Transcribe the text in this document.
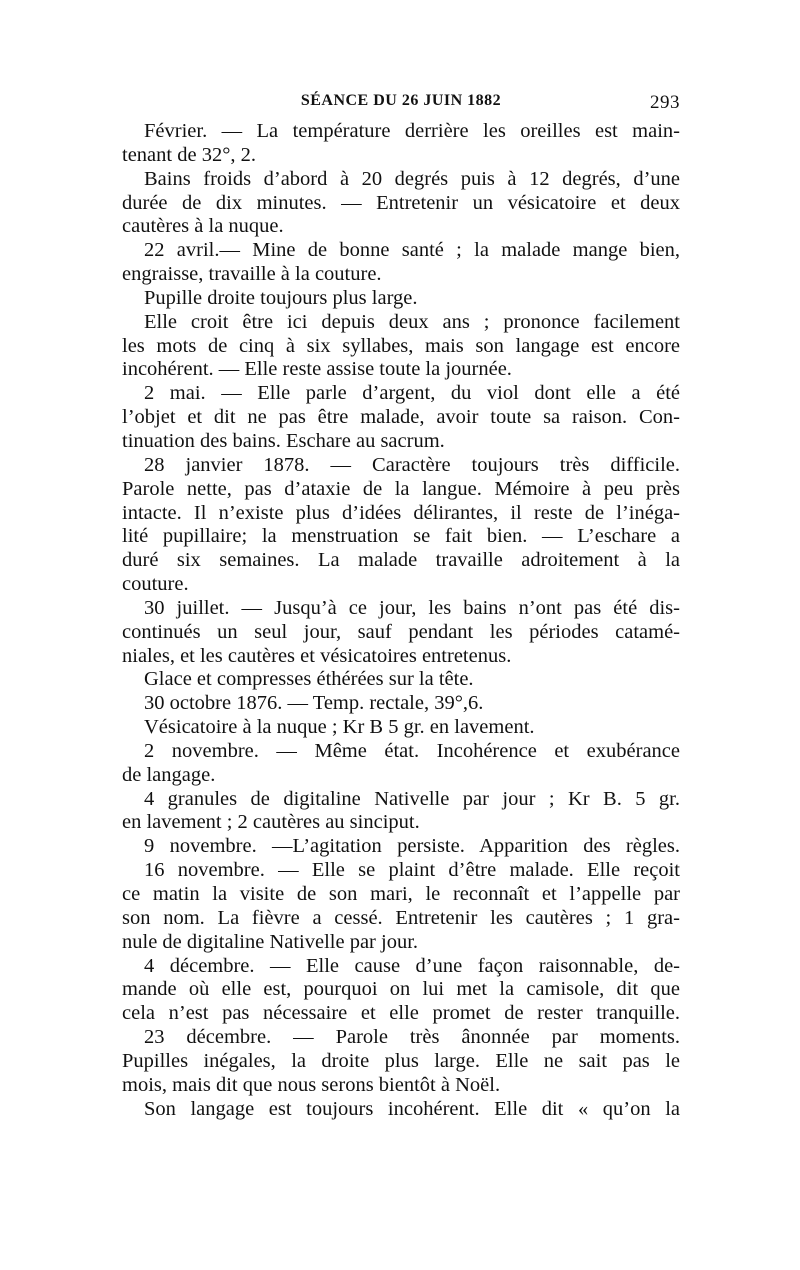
SÉANCE DU 26 JUIN 1882	293
Février. — La température derrière les oreilles est main-
tenant de 32°, 2.
Bains froids d’abord à 20 degrés puis à 12 degrés, d’une
durée de dix minutes. — Entretenir un vésicatoire et deux
cautères à la nuque.
22 avril.— Mine de bonne santé ; la malade mange bien,
engraisse, travaille à la couture.
Pupille droite toujours plus large.
Elle croit être ici depuis deux ans ; prononce facilement
les mots de cinq à six syllabes, mais son langage est encore
incohérent. — Elle reste assise toute la journée.
2 mai. — Elle parle d’argent, du viol dont elle a été
l’objet et dit ne pas être malade, avoir toute sa raison. Con-
tinuation des bains. Eschare au sacrum.
28 janvier 1878. — Caractère toujours très difficile.
Parole nette, pas d’ataxie de la langue. Mémoire à peu près
intacte. Il n’existe plus d’idées délirantes, il reste de l’inéga-
lité pupillaire; la menstruation se fait bien. — L’eschare a
duré six semaines. La malade travaille adroitement à la
couture.
30 juillet. — Jusqu’à ce jour, les bains n’ont pas été dis-
continués un seul jour, sauf pendant les périodes catamé-
niales, et les cautères et vésicatoires entretenus.
Glace et compresses éthérées sur la tête.
30 octobre 1876. — Temp. rectale, 39°,6.
Vésicatoire à la nuque ; Kr B 5 gr. en lavement.
2 novembre. — Même état. Incohérence et exubérance
de langage.
4 granules de digitaline Nativelle par jour ; Kr B. 5 gr.
en lavement ; 2 cautères au sinciput.
9 novembre. —L’agitation persiste. Apparition des règles.
16 novembre. — Elle se plaint d’être malade. Elle reçoit
ce matin la visite de son mari, le reconnaît et l’appelle par
son nom. La fièvre a cessé. Entretenir les cautères ; 1 gra-
nule de digitaline Nativelle par jour.
4 décembre. — Elle cause d’une façon raisonnable, de-
mande où elle est, pourquoi on lui met la camisole, dit que
cela n’est pas nécessaire et elle promet de rester tranquille.
23 décembre. — Parole très ânonnée par moments.
Pupilles inégales, la droite plus large. Elle ne sait pas le
mois, mais dit que nous serons bientôt à Noël.
Son langage est toujours incohérent. Elle dit « qu’on la
